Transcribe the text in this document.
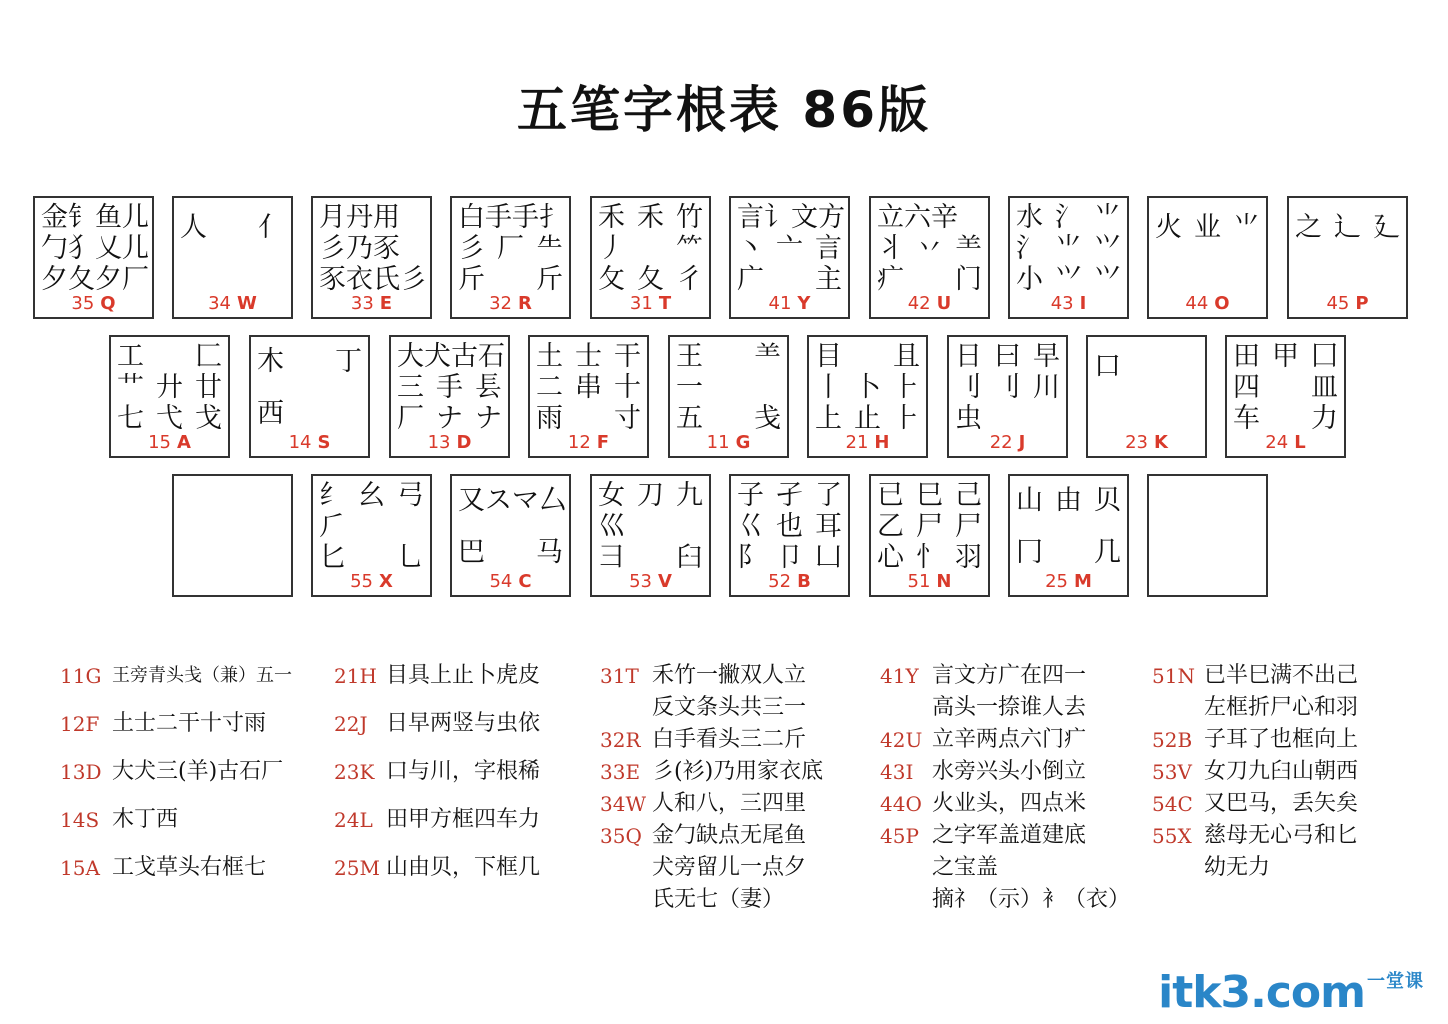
五笔字根表 86版
金钅鱼儿
勹犭乂儿
夕夂夕厂
35 Q
人 亻
34 W
月丹用
彡乃豕
豕衣氏彡
33 E
白手手扌
彡 厂 ⺧
斤 斤
32 R
禾 禾 竹
丿 ⺮
攵 夂 彳
31 T
言讠文方
丶 亠 言
广 主
41 Y
立六辛
丬 丷 ⺷
疒 门
42 U
水 氵 ⺌
氵 ⺌ ⺍
小 ⺍ ⺍
43 I
火 业 ⺌
44 O
之 辶 廴
45 P
工 匚
艹 廾 廿
七 弋 戈
15 A
木 丁
西
14 S
大犬古石
三 手 镸
厂 ナ ナ
13 D
土 士 干
二 串 十
雨 寸
12 F
王 ⺷
一
五 戋
11 G
目 且
丨 卜 ⺊
上 止 ⺊
21 H
日 曰 早
刂 刂 川
虫
22 J
口
23 K
田 甲 囗
四 皿
车 力
24 L
纟 幺 弓
⺁
匕 ⺃
55 X
又 ス マ 厶
巴 马
54 C
女 刀 九
巛
彐 臼
53 V
子 孑 了
巜 也 耳
阝 卩 凵
52 B
已 巳 己
乙 尸 尸
心 忄 羽
51 N
山 由 贝
冂 几
25 M
11G 王旁青头戋（兼）五一
12F 土士二干十寸雨
13D 大犬三(羊)古石厂
14S 木丁西
15A 工戈草头右框七
21H 目具上止卜虎皮
22J 日早两竖与虫依
23K 口与川，字根稀
24L 田甲方框四车力
25M 山由贝，下框几
31T 禾竹一撇双人立
反文条头共三一
32R 白手看头三二斤
33E 彡(衫)乃用家衣底
34W 人和八，三四里
35Q 金勹缺点无尾鱼
犬旁留儿一点夕
氏无七（妻）
41Y 言文方广在四一
高头一捺谁人去
42U 立辛两点六门疒
43I 水旁兴头小倒立
44O 火业头，四点米
45P 之字军盖道建底
之宝盖
摘礻（示）衤（衣）
51N 已半巳满不出己
左框折尸心和羽
52B 子耳了也框向上
53V 女刀九臼山朝西
54C 又巴马，丢矢矣
55X 慈母无心弓和匕
幼无力
itk3.com $^{一堂课}$
